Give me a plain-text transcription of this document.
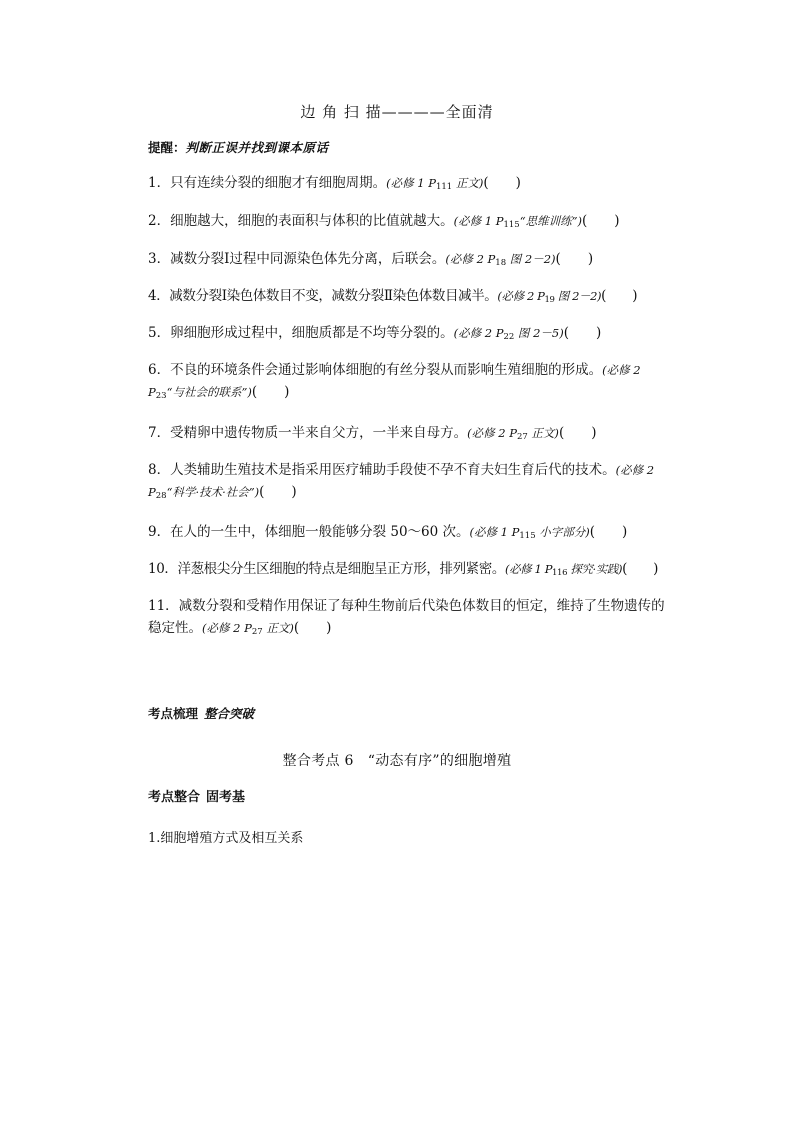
边 角 扫 描————全面清
提醒：判断正误并找到课本原话
1．只有连续分裂的细胞才有细胞周期。(必修 1 $P_{111}$ 正文)(　　)
2．细胞越大，细胞的表面积与体积的比值就越大。(必修 1 $P_{115}“$思维训练”)(　　)
3．减数分裂Ⅰ过程中同源染色体先分离，后联会。(必修 2 $P_{18}$ 图 2－2)(　　)
4．减数分裂Ⅰ染色体数目不变，减数分裂Ⅱ染色体数目减半。(必修 2 $P_{19}$ 图 2－2)(　　)
5．卵细胞形成过程中，细胞质都是不均等分裂的。(必修 2 $P_{22}$ 图 2－5)(　　)
6．不良的环境条件会通过影响体细胞的有丝分裂从而影响生殖细胞的形成。(必修 2 $P_{23}“$与社会的联系”)(　　)
7．受精卵中遗传物质一半来自父方，一半来自母方。(必修 2 $P_{27}$ 正文)(　　)
8．人类辅助生殖技术是指采用医疗辅助手段使不孕不育夫妇生育后代的技术。(必修 2 $P_{28}“$科学·技术·社会”)(　　)
9．在人的一生中，体细胞一般能够分裂 50～60 次。(必修 1 $P_{115}$ 小字部分)(　　)
10．洋葱根尖分生区细胞的特点是细胞呈正方形，排列紧密。(必修 1 $P_{116}$ 探究·实践)(　　)
11．减数分裂和受精作用保证了每种生物前后代染色体数目的恒定，维持了生物遗传的稳定性。(必修 2 $P_{27}$ 正文)(　　)
考点梳理 整合突破
整合考点 6 “动态有序”的细胞增殖
考点整合 固考基
1.细胞增殖方式及相互关系
